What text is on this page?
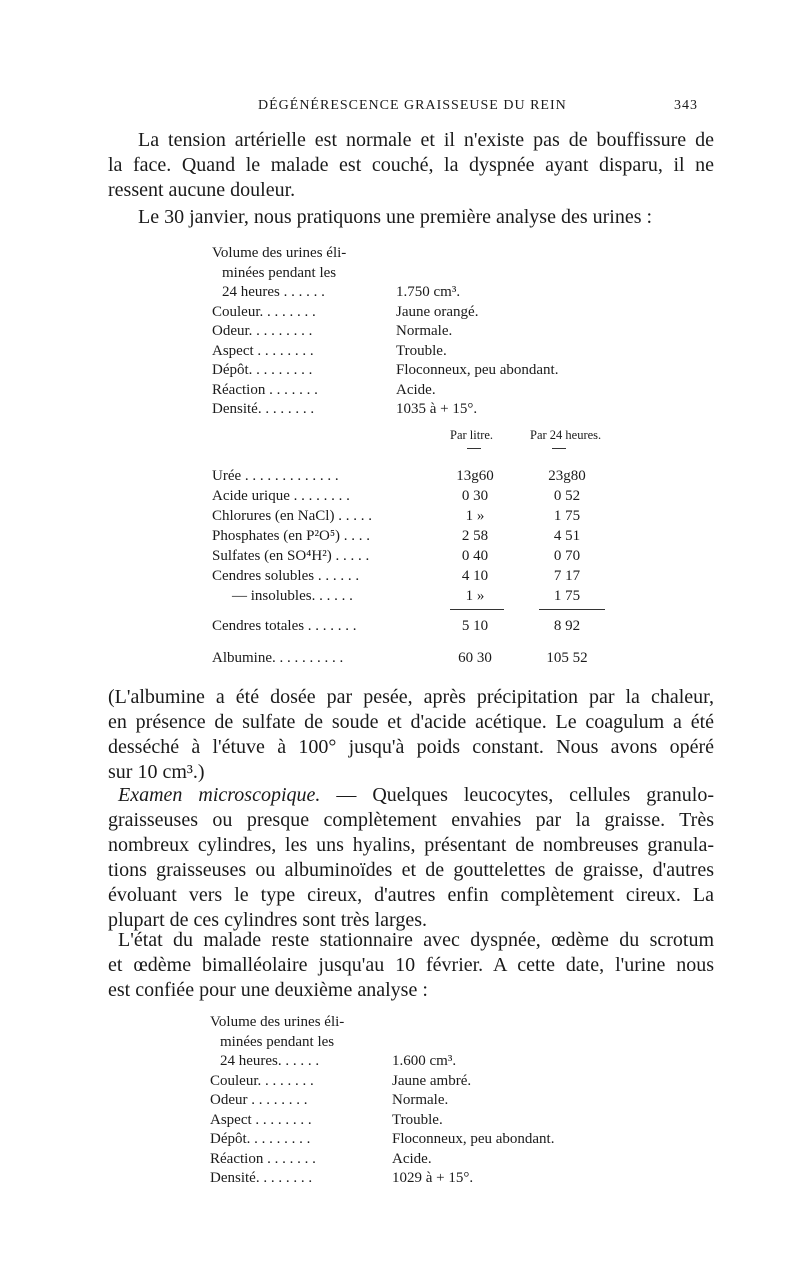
DÉGÉNÉRESCENCE GRAISSEUSE DU REIN	343
La tension artérielle est normale et il n'existe pas de bouffissure de
la face. Quand le malade est couché, la dyspnée ayant disparu, il ne
ressent aucune douleur.
Le 30 janvier, nous pratiquons une première analyse des urines :
Volume des urines éli-
minées pendant les
24 heures . . . . . .	1.750 cm³.
Couleur. . . . . . . .	Jaune orangé.
Odeur. . . . . . . . .	Normale.
Aspect . . . . . . . .	Trouble.
Dépôt. . . . . . . . .	Floconneux, peu abondant.
Réaction . . . . . . .	Acide.
Densité. . . . . . . .	1035 à + 15°.
Par litre.	Par 24 heures.
Urée . . . . . . . . . . . . .	13g60	23g80
Acide urique . . . . . . . .	0 30	0 52
Chlorures (en NaCl) . . . . .	1 »	1 75
Phosphates (en P²O⁵) . . . .	2 58	4 51
Sulfates (en SO⁴H²) . . . . .	0 40	0 70
Cendres solubles . . . . . .	4 10	7 17
— insolubles. . . . . .	1 »	1 75
Cendres totales . . . . . . .	5 10	8 92
Albumine. . . . . . . . . .	60 30	105 52
(L'albumine a été dosée par pesée, après précipitation par la chaleur,
en présence de sulfate de soude et d'acide acétique. Le coagulum a été
desséché à l'étuve à 100° jusqu'à poids constant. Nous avons opéré
sur 10 cm³.)
Examen microscopique. — Quelques leucocytes, cellules granulo-
graisseuses ou presque complètement envahies par la graisse. Très
nombreux cylindres, les uns hyalins, présentant de nombreuses granula-
tions graisseuses ou albuminoïdes et de gouttelettes de graisse, d'autres
évoluant vers le type cireux, d'autres enfin complètement cireux. La
plupart de ces cylindres sont très larges.
L'état du malade reste stationnaire avec dyspnée, œdème du scrotum
et œdème bimalléolaire jusqu'au 10 février. A cette date, l'urine nous
est confiée pour une deuxième analyse :
Volume des urines éli-
minées pendant les
24 heures. . . . . .	1.600 cm³.
Couleur. . . . . . . .	Jaune ambré.
Odeur . . . . . . . .	Normale.
Aspect . . . . . . . .	Trouble.
Dépôt. . . . . . . . .	Floconneux, peu abondant.
Réaction . . . . . . .	Acide.
Densité. . . . . . . .	1029 à + 15°.
